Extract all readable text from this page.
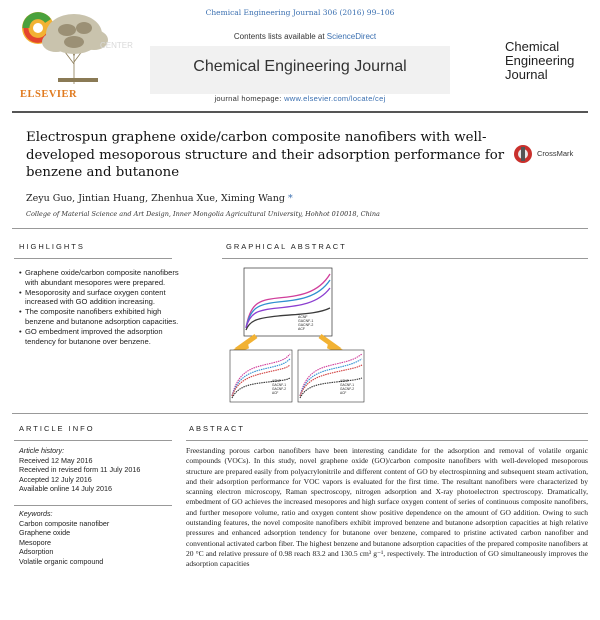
Chemical Engineering Journal 306 (2016) 99–106
CENTER
ELSEVIER
Contents lists available at ScienceDirect
Chemical Engineering Journal
journal homepage: www.elsevier.com/locate/cej
Chemical
Engineering
Journal
Electrospun graphene oxide/carbon composite nanofibers with well-developed mesoporous structure and their adsorption performance for benzene and butanone
CrossMark
Zeyu Guo, Jintian Huang, Zhenhua Xue, Ximing Wang *
College of Material Science and Art Design, Inner Mongolia Agricultural University, Hohhot 010018, China
HIGHLIGHTS
• Graphene oxide/carbon composite nanofibers with abundant mesopores were prepared.
• Mesoporosity and surface oxygen content increased with GO addition increasing.
• The composite nanofibers exhibited high benzene and butanone adsorption capacities.
• GO embedment improved the adsorption tendency for butanone over benzene.
GRAPHICAL ABSTRACT
ACNF
GACNF-1
GACNF-2
ACF
ACNF
GACNF-1
GACNF-2
ACF
ACNF
GACNF-1
GACNF-2
ACF
ARTICLE INFO
Article history:
Received 12 May 2016
Received in revised form 11 July 2016
Accepted 12 July 2016
Available online 14 July 2016
Keywords:
Carbon composite nanofiber
Graphene oxide
Mesopore
Adsorption
Volatile organic compound
ABSTRACT
Freestanding porous carbon nanofibers have been interesting candidate for the adsorption and removal of volatile organic compounds (VOCs). In this study, novel graphene oxide (GO)/carbon composite nanofibers with well-developed mesoporous structure are prepared easily from polyacrylonitrile and different content of GO by electrospinning and subsequent steam activation, and their adsorption performance for VOC vapors is evaluated for the first time. The resultant nanofibers were characterized by scanning electron microscopy, Raman spectroscopy, nitrogen adsorption and X-ray photoelectron spectroscopy. Dramatically, embedment of GO achieves the increased mesopores and high surface oxygen content of series of continuous composite nanofibers, and further mesopore volume, ratio and oxygen content show positive dependence on the amount of GO addition. Owing to such outstanding features, the novel composite nanofibers exhibit improved benzene and butanone adsorption capacities at high relative pressures and enhanced adsorption tendency for butanone over benzene, compared to pristine activated carbon nanofiber and conventional activated carbon fiber. The highest benzene and butanone adsorption capacities of the prepared composite nanofibers at 20 °C and relative pressure of 0.98 reach 83.2 and 130.5 cm³ g⁻¹, respectively. The introduction of GO simultaneously improves the adsorption capacities
